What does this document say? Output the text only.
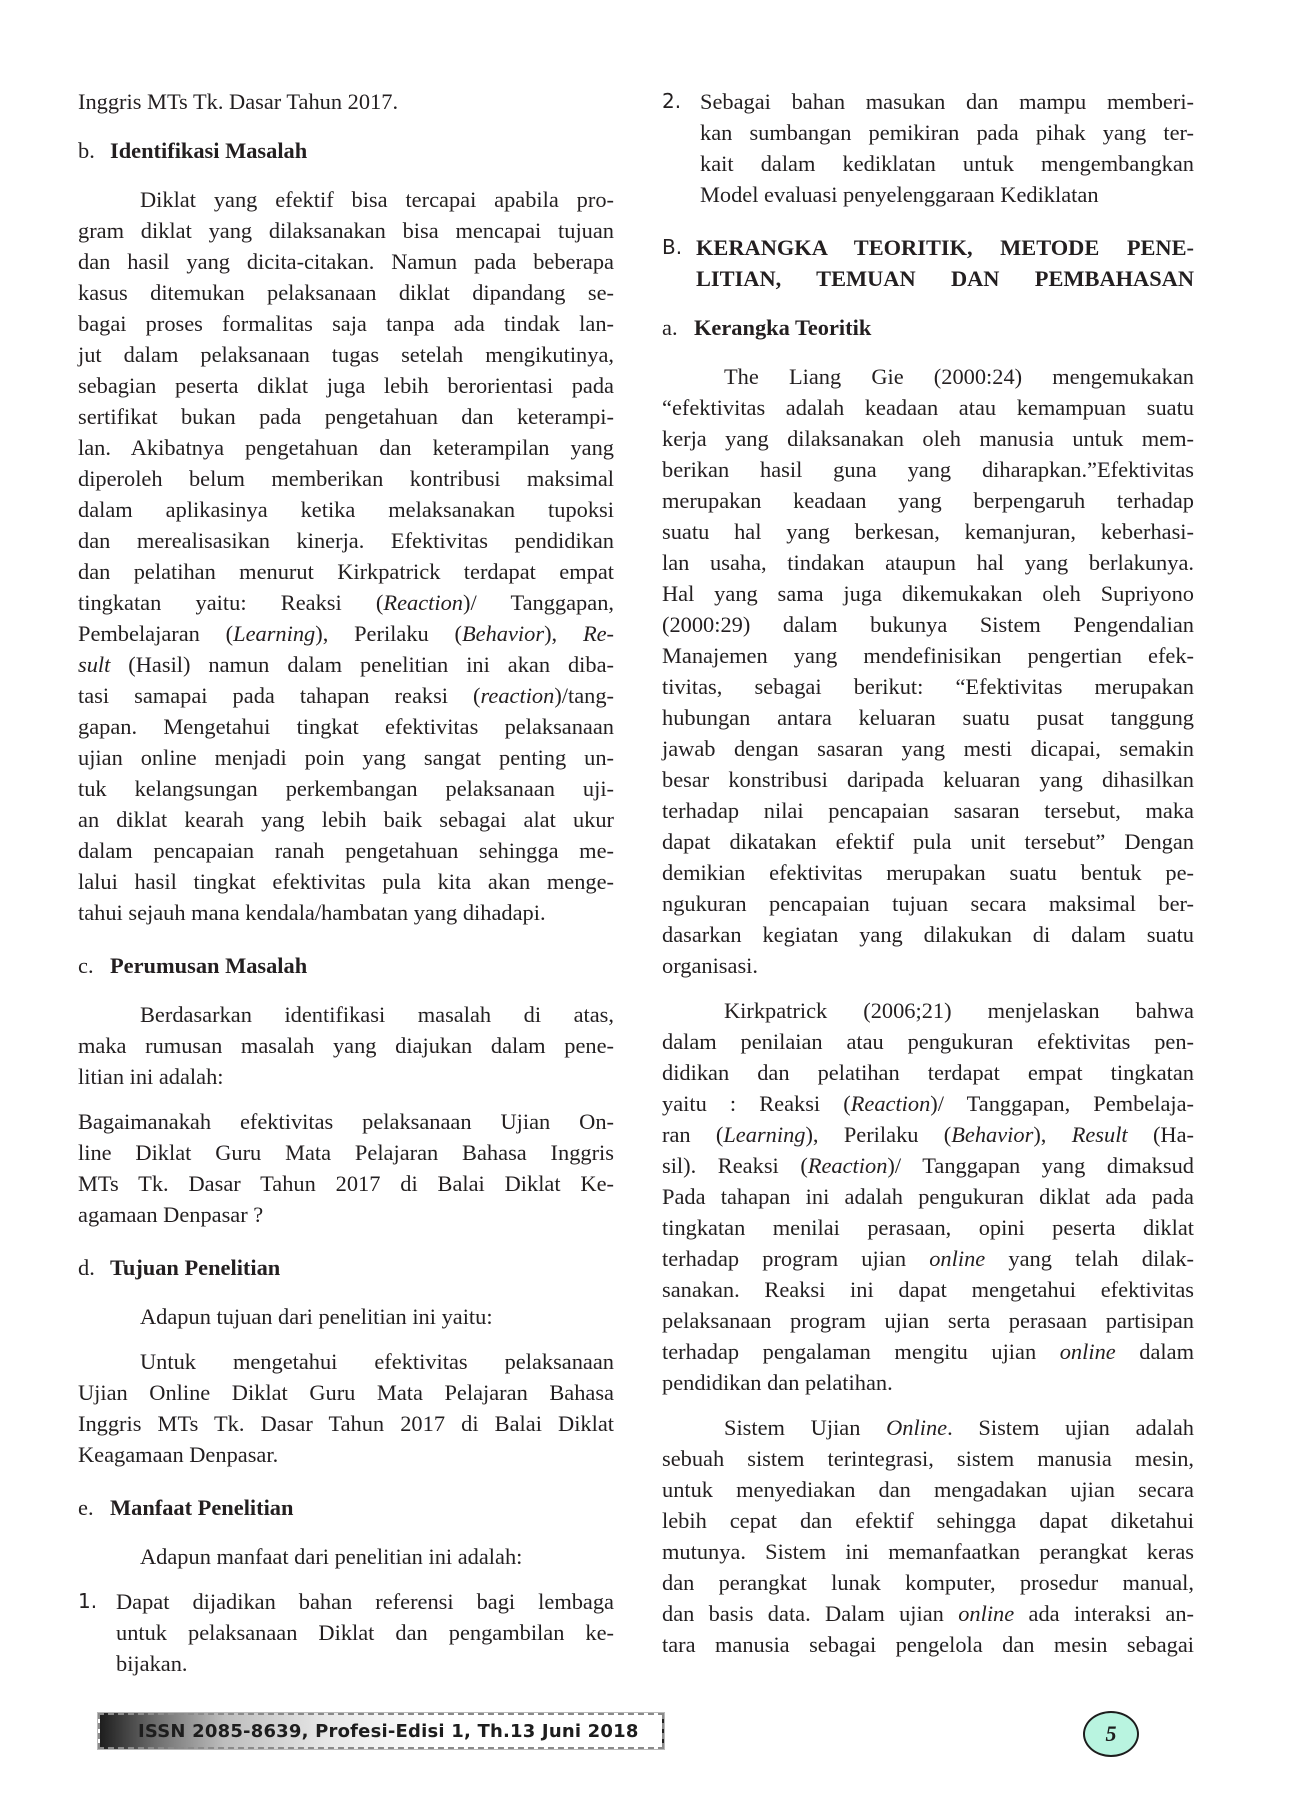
Inggris MTs Tk. Dasar Tahun 2017.
b. Identifikasi Masalah
Diklat yang efektif bisa tercapai apabila pro-
gram diklat yang dilaksanakan bisa mencapai tujuan
dan hasil yang dicita-citakan. Namun pada beberapa
kasus ditemukan pelaksanaan diklat dipandang se-
bagai proses formalitas saja tanpa ada tindak lan-
jut dalam pelaksanaan tugas setelah mengikutinya,
sebagian peserta diklat juga lebih berorientasi pada
sertifikat bukan pada pengetahuan dan keterampi-
lan. Akibatnya pengetahuan dan keterampilan yang
diperoleh belum memberikan kontribusi maksimal
dalam aplikasinya ketika melaksanakan tupoksi
dan merealisasikan kinerja. Efektivitas pendidikan
dan pelatihan menurut Kirkpatrick terdapat empat
tingkatan yaitu: Reaksi (Reaction)/ Tanggapan,
Pembelajaran (Learning), Perilaku (Behavior), Re-
sult (Hasil) namun dalam penelitian ini akan diba-
tasi samapai pada tahapan reaksi (reaction)/tang-
gapan. Mengetahui tingkat efektivitas pelaksanaan
ujian online menjadi poin yang sangat penting un-
tuk kelangsungan perkembangan pelaksanaan uji-
an diklat kearah yang lebih baik sebagai alat ukur
dalam pencapaian ranah pengetahuan sehingga me-
lalui hasil tingkat efektivitas pula kita akan menge-
tahui sejauh mana kendala/hambatan yang dihadapi.
c. Perumusan Masalah
Berdasarkan identifikasi masalah di atas,
maka rumusan masalah yang diajukan dalam pene-
litian ini adalah:
Bagaimanakah efektivitas pelaksanaan Ujian On-
line Diklat Guru Mata Pelajaran Bahasa Inggris
MTs Tk. Dasar Tahun 2017 di Balai Diklat Ke-
agamaan Denpasar ?
d. Tujuan Penelitian
Adapun tujuan dari penelitian ini yaitu:
Untuk mengetahui efektivitas pelaksanaan
Ujian Online Diklat Guru Mata Pelajaran Bahasa
Inggris MTs Tk. Dasar Tahun 2017 di Balai Diklat
Keagamaan Denpasar.
e. Manfaat Penelitian
Adapun manfaat dari penelitian ini adalah:
1. Dapat dijadikan bahan referensi bagi lembaga
untuk pelaksanaan Diklat dan pengambilan ke-
bijakan.
2. Sebagai bahan masukan dan mampu memberi-
kan sumbangan pemikiran pada pihak yang ter-
kait dalam kediklatan untuk mengembangkan
Model evaluasi penyelenggaraan Kediklatan
B. KERANGKA TEORITIK, METODE PENE-
LITIAN, TEMUAN DAN PEMBAHASAN
a. Kerangka Teoritik
The Liang Gie (2000:24) mengemukakan
“efektivitas adalah keadaan atau kemampuan suatu
kerja yang dilaksanakan oleh manusia untuk mem-
berikan hasil guna yang diharapkan.”Efektivitas
merupakan keadaan yang berpengaruh terhadap
suatu hal yang berkesan, kemanjuran, keberhasi-
lan usaha, tindakan ataupun hal yang berlakunya.
Hal yang sama juga dikemukakan oleh Supriyono
(2000:29) dalam bukunya Sistem Pengendalian
Manajemen yang mendefinisikan pengertian efek-
tivitas, sebagai berikut: “Efektivitas merupakan
hubungan antara keluaran suatu pusat tanggung
jawab dengan sasaran yang mesti dicapai, semakin
besar konstribusi daripada keluaran yang dihasilkan
terhadap nilai pencapaian sasaran tersebut, maka
dapat dikatakan efektif pula unit tersebut” Dengan
demikian efektivitas merupakan suatu bentuk pe-
ngukuran pencapaian tujuan secara maksimal ber-
dasarkan kegiatan yang dilakukan di dalam suatu
organisasi.
Kirkpatrick (2006;21) menjelaskan bahwa
dalam penilaian atau pengukuran efektivitas pen-
didikan dan pelatihan terdapat empat tingkatan
yaitu : Reaksi (Reaction)/ Tanggapan, Pembelaja-
ran (Learning), Perilaku (Behavior), Result (Ha-
sil). Reaksi (Reaction)/ Tanggapan yang dimaksud
Pada tahapan ini adalah pengukuran diklat ada pada
tingkatan menilai perasaan, opini peserta diklat
terhadap program ujian online yang telah dilak-
sanakan. Reaksi ini dapat mengetahui efektivitas
pelaksanaan program ujian serta perasaan partisipan
terhadap pengalaman mengitu ujian online dalam
pendidikan dan pelatihan.
Sistem Ujian Online. Sistem ujian adalah
sebuah sistem terintegrasi, sistem manusia mesin,
untuk menyediakan dan mengadakan ujian secara
lebih cepat dan efektif sehingga dapat diketahui
mutunya. Sistem ini memanfaatkan perangkat keras
dan perangkat lunak komputer, prosedur manual,
dan basis data. Dalam ujian online ada interaksi an-
tara manusia sebagai pengelola dan mesin sebagai
ISSN 2085-8639, Profesi-Edisi 1, Th.13 Juni 2018	5
